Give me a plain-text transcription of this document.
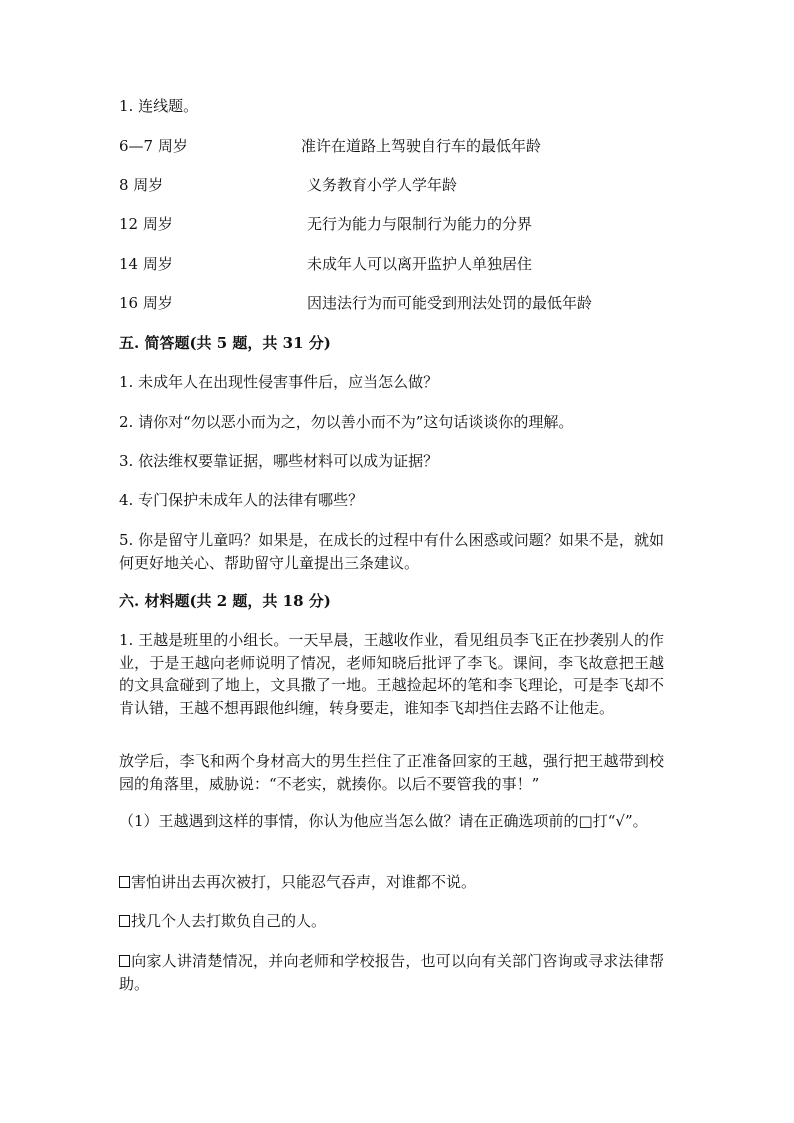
1. 连线题。
6—7 周岁	准许在道路上驾驶自行车的最低年龄
8 周岁	义务教育小学人学年龄
12 周岁	无行为能力与限制行为能力的分界
14 周岁	未成年人可以离开监护人单独居住
16 周岁	因违法行为而可能受到刑法处罚的最低年龄
五. 简答题(共 5 题，共 31 分)
1. 未成年人在出现性侵害事件后，应当怎么做？
2. 请你对“勿以恶小而为之，勿以善小而不为”这句话谈谈你的理解。
3. 依法维权要靠证据，哪些材料可以成为证据？
4. 专门保护未成年人的法律有哪些？
5. 你是留守儿童吗？如果是，在成长的过程中有什么困惑或问题？如果不是，就如何更好地关心、帮助留守儿童提出三条建议。
六. 材料题(共 2 题，共 18 分)
1. 王越是班里的小组长。一天早晨，王越收作业，看见组员李飞正在抄袭别人的作业，于是王越向老师说明了情况，老师知晓后批评了李飞。课间，李飞故意把王越的文具盒碰到了地上，文具撒了一地。王越捡起坏的笔和李飞理论，可是李飞却不肯认错，王越不想再跟他纠缠，转身要走，谁知李飞却挡住去路不让他走。
放学后，李飞和两个身材高大的男生拦住了正准备回家的王越，强行把王越带到校园的角落里，威胁说：“不老实，就揍你。以后不要管我的事！”
（1）王越遇到这样的事情，你认为他应当怎么做？请在正确选项前的□打“√”。
害怕讲出去再次被打，只能忍气吞声，对谁都不说。
找几个人去打欺负自己的人。
向家人讲清楚情况，并向老师和学校报告，也可以向有关部门咨询或寻求法律帮助。
